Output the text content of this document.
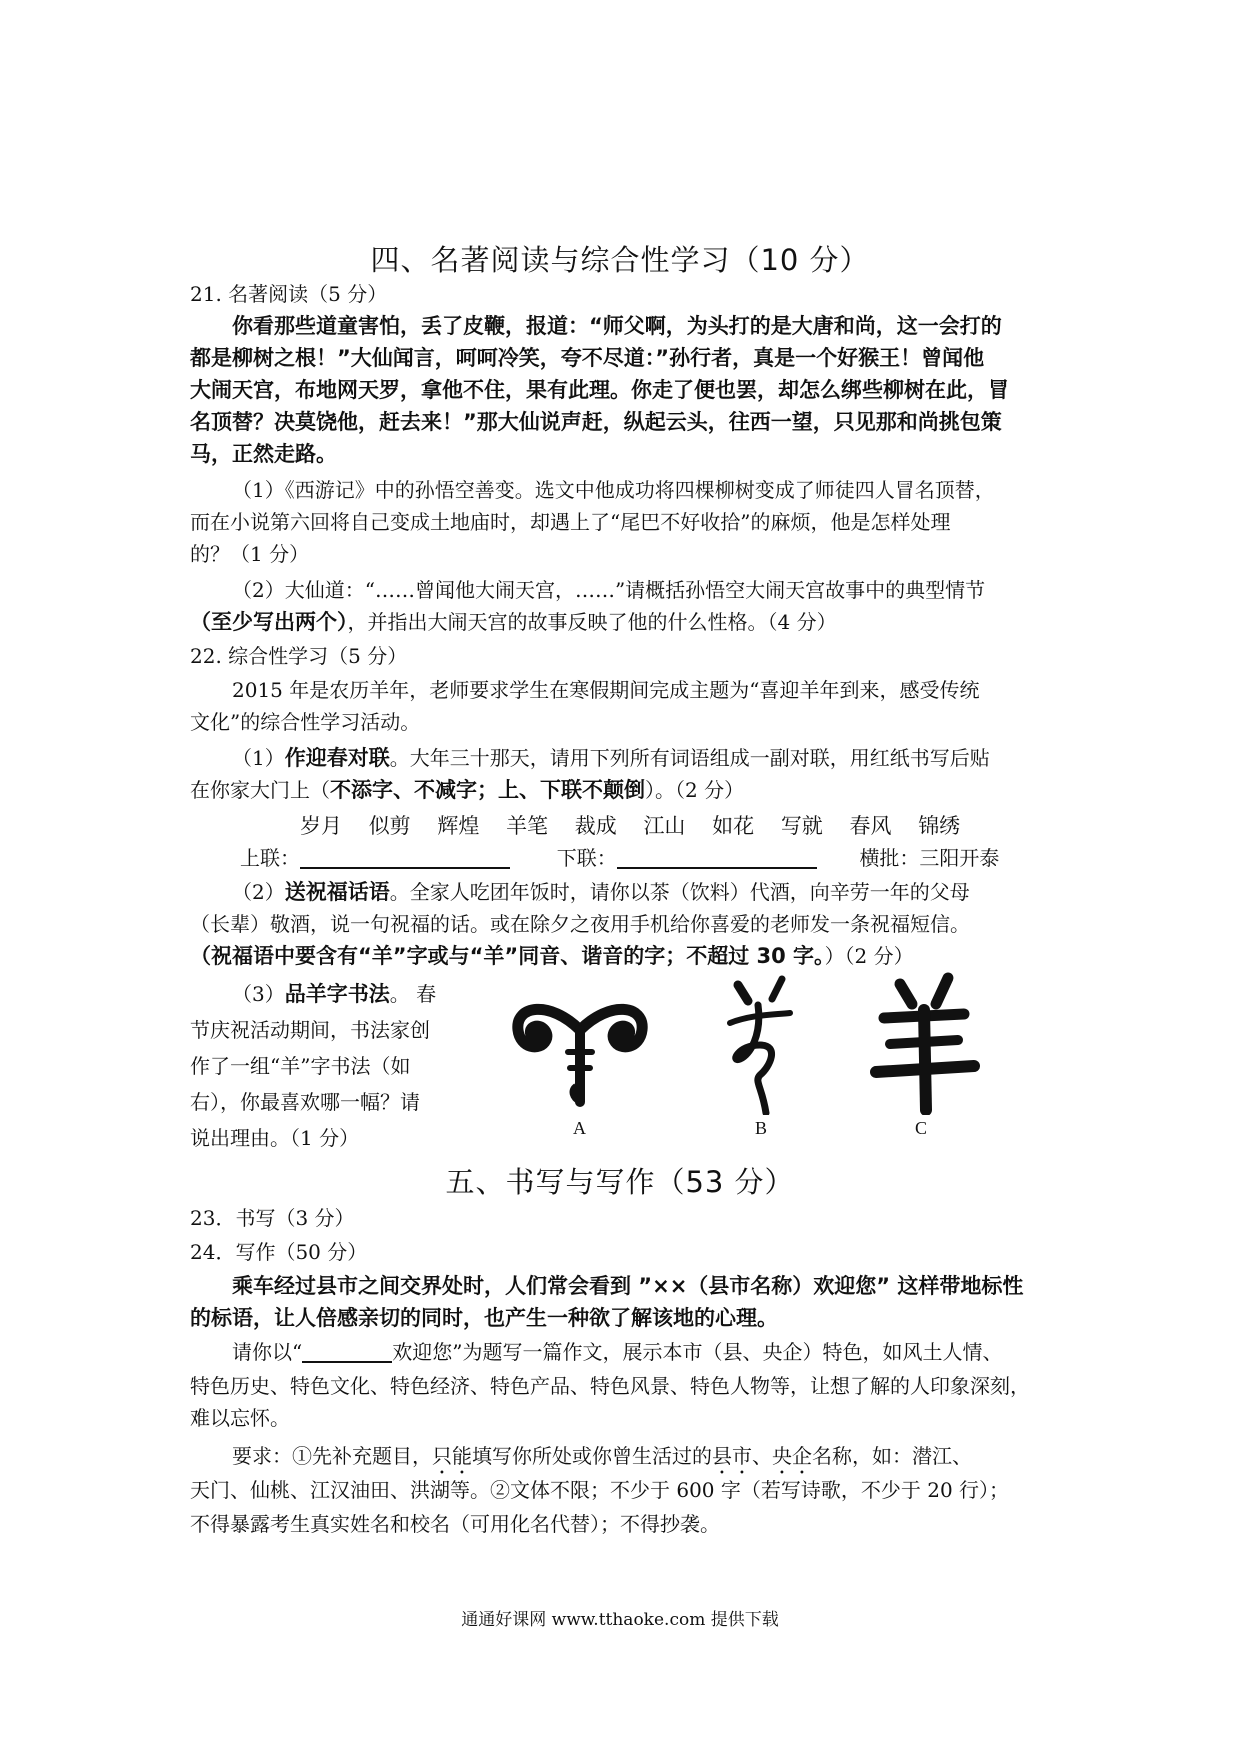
四、名著阅读与综合性学习（10 分）
21. 名著阅读（5 分）
你看那些道童害怕，丢了皮鞭，报道：“师父啊，为头打的是大唐和尚，这一会打的
都是柳树之根！”大仙闻言，呵呵冷笑，夸不尽道：”孙行者，真是一个好猴王！曾闻他
大闹天宫，布地网天罗，拿他不住，果有此理。你走了便也罢，却怎么绑些柳树在此，冒
名顶替？决莫饶他，赶去来！”那大仙说声赶，纵起云头，往西一望，只见那和尚挑包策
马，正然走路。
（1）《西游记》中的孙悟空善变。选文中他成功将四棵柳树变成了师徒四人冒名顶替，
而在小说第六回将自己变成土地庙时，却遇上了“尾巴不好收拾”的麻烦，他是怎样处理
的？（1 分）
（2）大仙道：“……曾闻他大闹天宫，……”请概括孙悟空大闹天宫故事中的典型情节
（至少写出两个），并指出大闹天宫的故事反映了他的什么性格。（4 分）
22. 综合性学习（5 分）
2015 年是农历羊年，老师要求学生在寒假期间完成主题为“喜迎羊年到来，感受传统
文化”的综合性学习活动。
（1）作迎春对联。大年三十那天，请用下列所有词语组成一副对联，用红纸书写后贴
在你家大门上（不添字、不减字；上、下联不颠倒）。（2 分）
岁月 似剪 辉煌 羊笔 裁成 江山 如花 写就 春风 锦绣
上联：	下联：	横批：三阳开泰
（2）送祝福话语。全家人吃团年饭时，请你以茶（饮料）代酒，向辛劳一年的父母
（长辈）敬酒，说一句祝福的话。或在除夕之夜用手机给你喜爱的老师发一条祝福短信。
（祝福语中要含有“羊”字或与“羊”同音、谐音的字；不超过 30 字。）（2 分）
（3）品羊字书法。 春
节庆祝活动期间，书法家创
作了一组“羊”字书法（如
右），你最喜欢哪一幅？请
说出理由。（1 分）	A	B	C
五、书写与写作（53 分）
23．书写（3 分）
24．写作（50 分）
乘车经过县市之间交界处时，人们常会看到 ”××（县市名称）欢迎您” 这样带地标性
的标语，让人倍感亲切的同时，也产生一种欲了解该地的心理。
请你以“	欢迎您”为题写一篇作文，展示本市（县、央企）特色，如风土人情、
特色历史、特色文化、特色经济、特色产品、特色风景、特色人物等，让想了解的人印象深刻，
难以忘怀。
要求：①先补充题目，只能填写你所处或你曾生活过的县市、央企名称，如：潜江、
天门、仙桃、江汉油田、洪湖等。②文体不限；不少于 600 字（若写诗歌，不少于 20 行）；
不得暴露考生真实姓名和校名（可用化名代替）；不得抄袭。
通通好课网 www.tthaoke.com 提供下载
